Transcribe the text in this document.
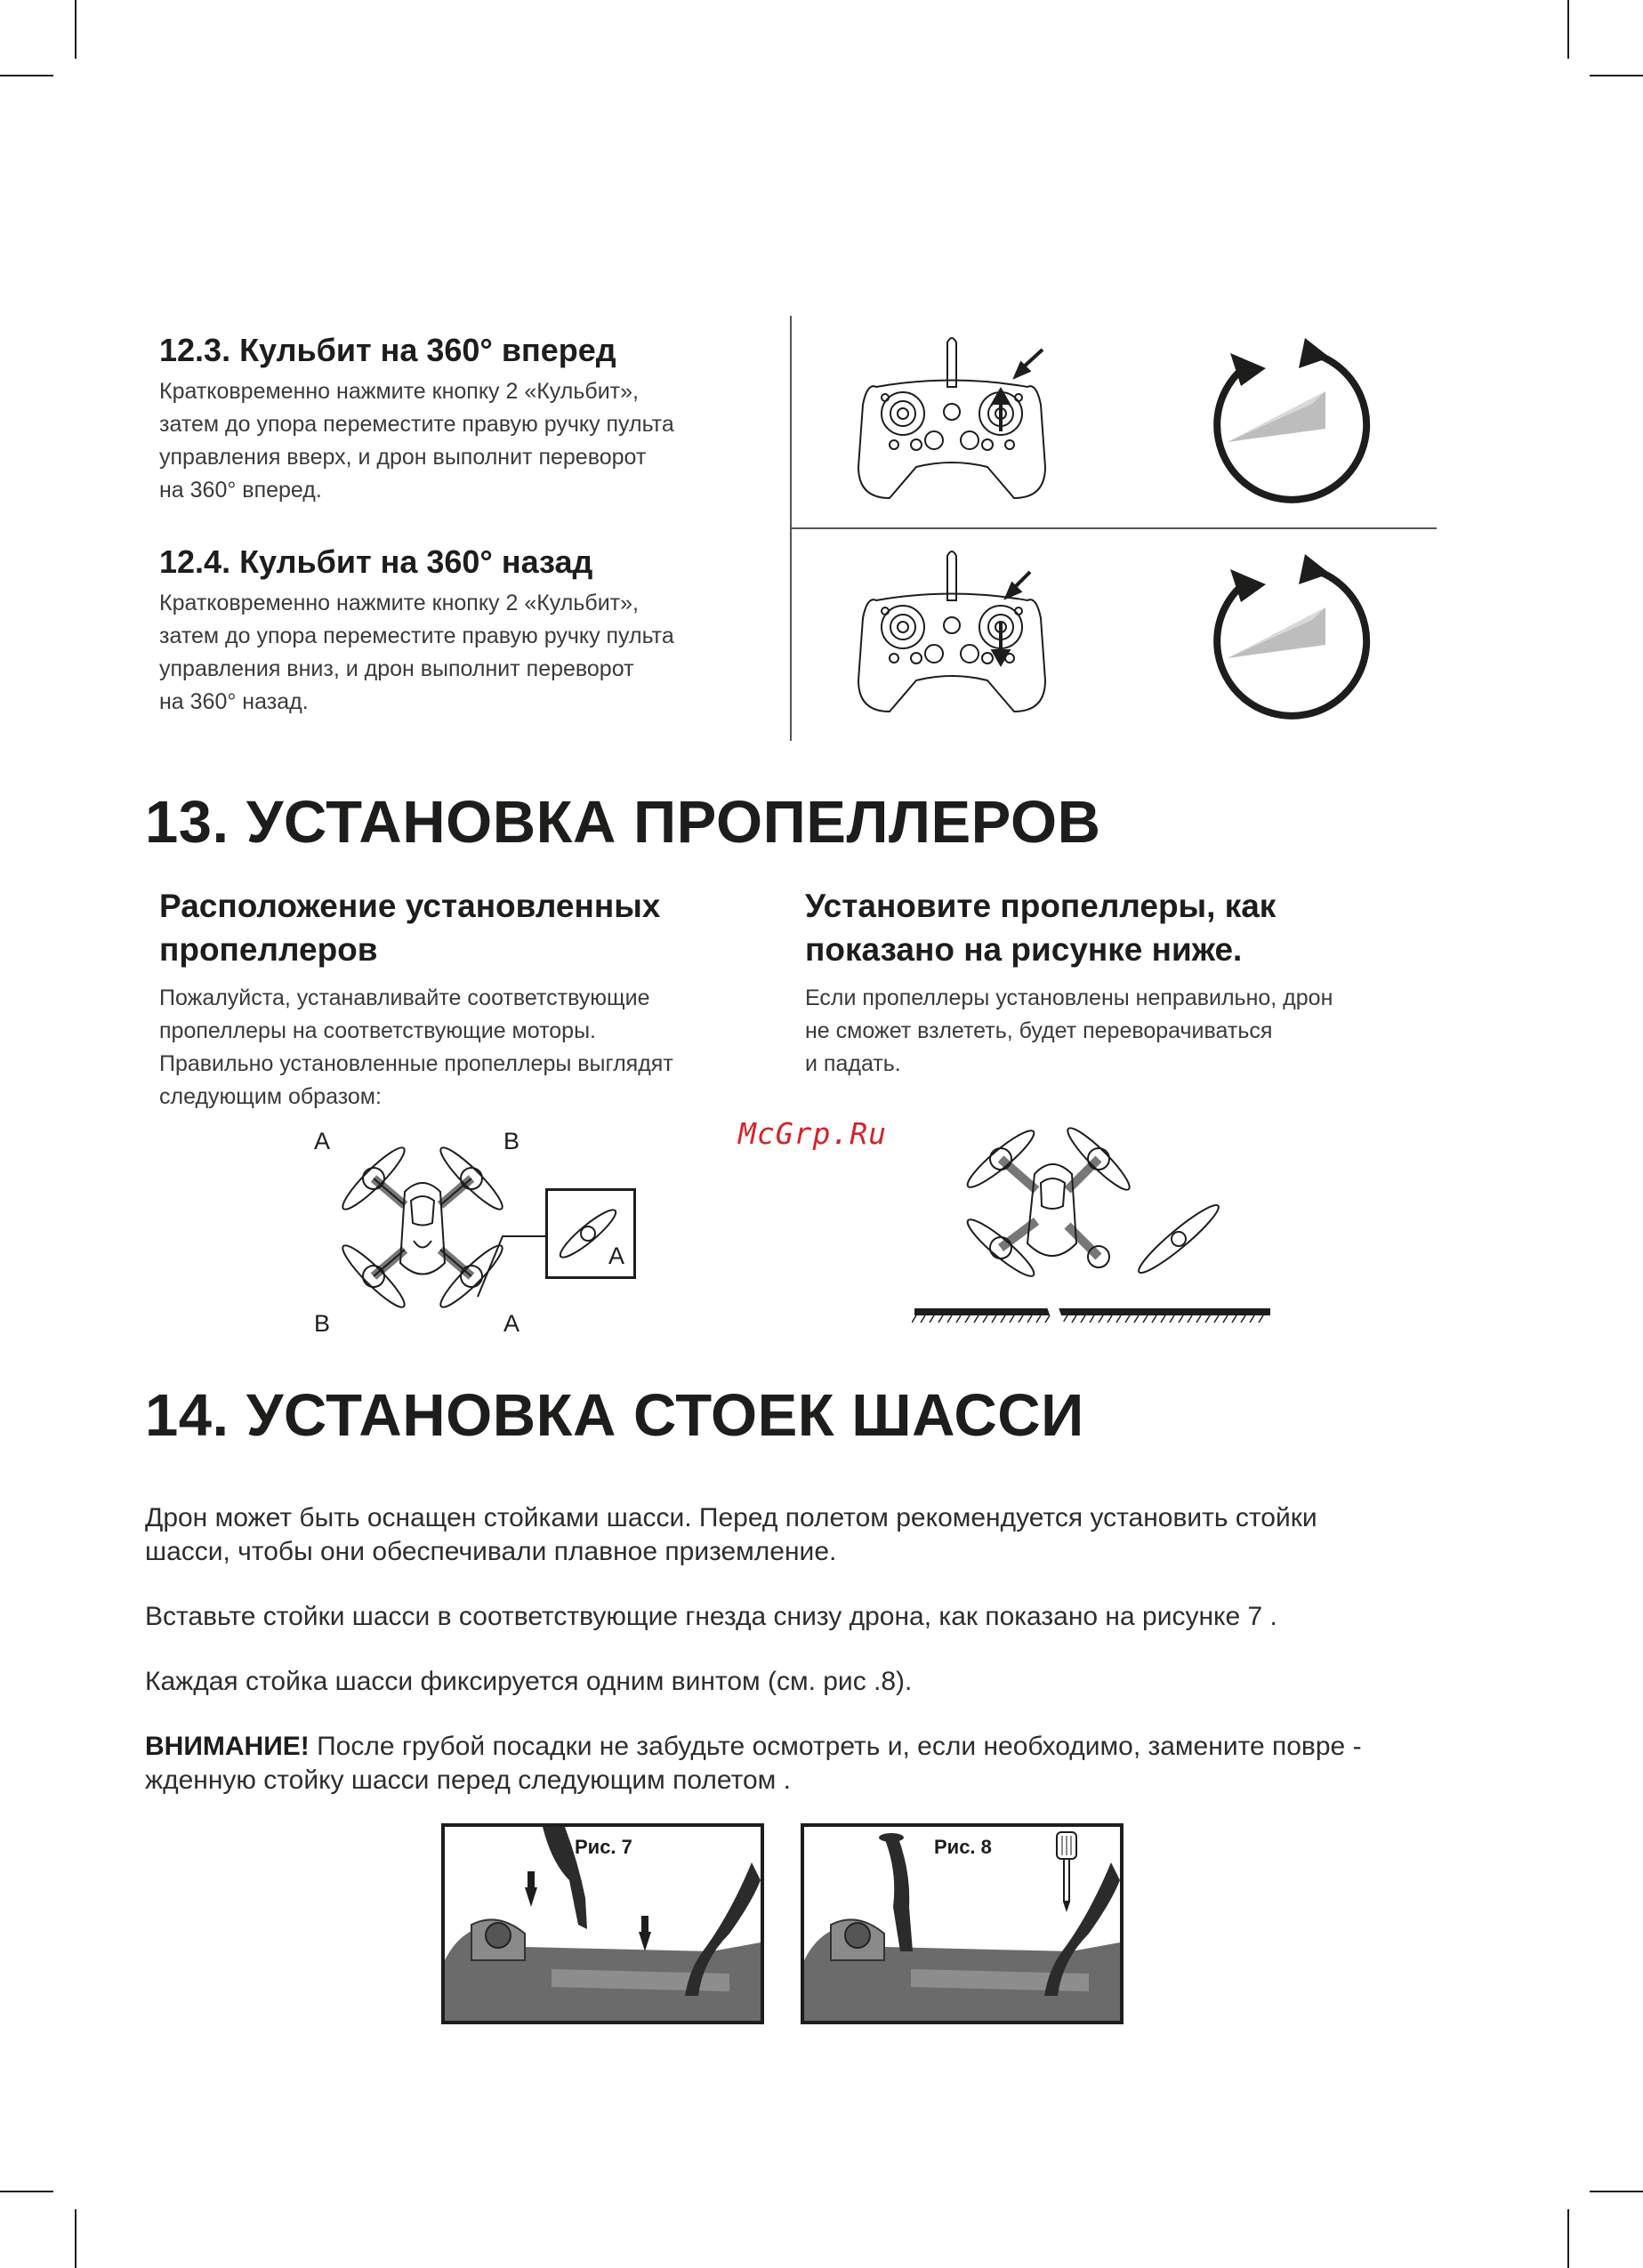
12.3. Кульбит на 360° вперед

Кратковременно нажмите кнопку 2 «Кульбит»,

затем до упора переместите правую ручку пульта

управления вверх, и дрон выполнит переворот

на 360° вперед.

12.4. Кульбит на 360° назад

Кратковременно нажмите кнопку 2 «Кульбит»,

затем до упора переместите правую ручку пульта

управления вниз, и дрон выполнит переворот

на 360° назад.

13. УСТАНОВКА ПРОПЕЛЛЕРОВ

Расположение установленных

пропеллеров

Пожалуйста, устанавливайте соответствующие

пропеллеры на соответствующие моторы.

Правильно установленные пропеллеры выглядят

следующим образом:

Установите пропеллеры, как

показано на рисунке ниже.

Если пропеллеры установлены неправильно, дрон

не сможет взлететь, будет переворачиваться

и падать.

McGrp.Ru
A	B
B	A
A
14. УСТАНОВКА СТОЕК ШАССИ

Дрон может быть оснащен стойками шасси. Перед полетом рекомендуется установить стойки

шасси, чтобы они обеспечивали плавное приземление.

Вставьте стойки шасси в соответствующие гнезда снизу дрона, как показано на рисунке 7 .

Каждая стойка шасси фиксируется одним винтом (см. рис .8).

ВНИМАНИЕ! После грубой посадки не забудьте осмотреть и, если необходимо, замените повре -

жденную стойку шасси перед следующим полетом .

Рис. 7	Рис. 8
